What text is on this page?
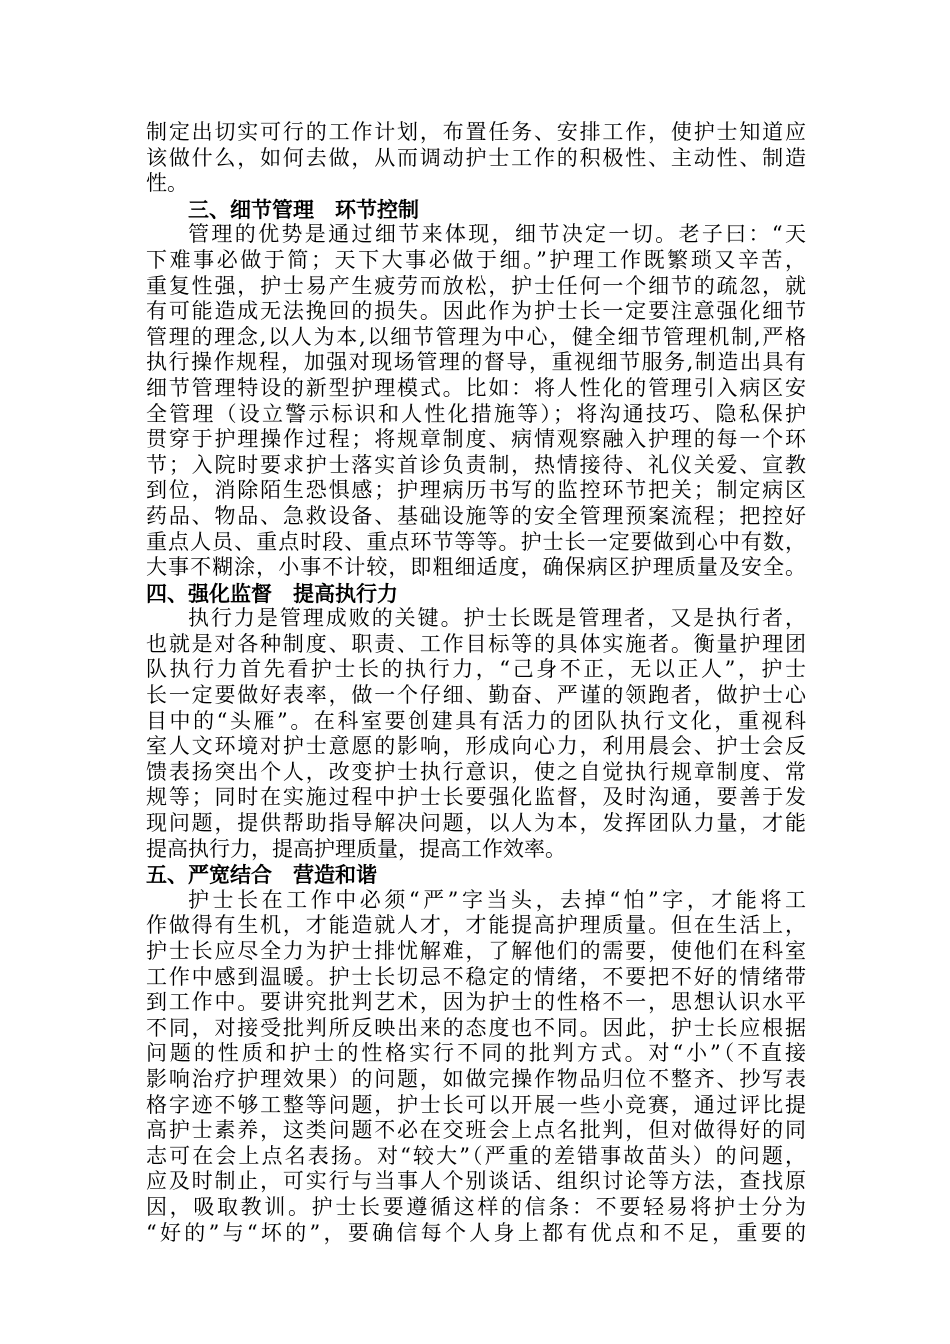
制定出切实可行的工作计划，布置任务、安排工作，使护士知道应
该做什么，如何去做，从而调动护士工作的积极性、主动性、制造
性。
三、细节管理　环节控制
管理的优势是通过细节来体现，细节决定一切。老子曰：“天
下难事必做于简；天下大事必做于细。”护理工作既繁琐又辛苦，
重复性强，护士易产生疲劳而放松，护士任何一个细节的疏忽，就
有可能造成无法挽回的损失。因此作为护士长一定要注意强化细节
管理的理念,以人为本,以细节管理为中心，健全细节管理机制,严格
执行操作规程，加强对现场管理的督导，重视细节服务,制造出具有
细节管理特设的新型护理模式。比如：将人性化的管理引入病区安
全管理（设立警示标识和人性化措施等）；将沟通技巧、隐私保护
贯穿于护理操作过程；将规章制度、病情观察融入护理的每一个环
节；入院时要求护士落实首诊负责制，热情接待、礼仪关爱、宣教
到位，消除陌生恐惧感；护理病历书写的监控环节把关；制定病区
药品、物品、急救设备、基础设施等的安全管理预案流程；把控好
重点人员、重点时段、重点环节等等。护士长一定要做到心中有数，
大事不糊涂，小事不计较，即粗细适度，确保病区护理质量及安全。
四、强化监督　提高执行力
执行力是管理成败的关键。护士长既是管理者，又是执行者，
也就是对各种制度、职责、工作目标等的具体实施者。衡量护理团
队执行力首先看护士长的执行力，“己身不正，无以正人”，护士
长一定要做好表率，做一个仔细、勤奋、严谨的领跑者，做护士心
目中的“头雁”。在科室要创建具有活力的团队执行文化，重视科
室人文环境对护士意愿的影响，形成向心力，利用晨会、护士会反
馈表扬突出个人，改变护士执行意识，使之自觉执行规章制度、常
规等；同时在实施过程中护士长要强化监督，及时沟通，要善于发
现问题，提供帮助指导解决问题，以人为本，发挥团队力量，才能
提高执行力，提高护理质量，提高工作效率。
五、严宽结合　营造和谐
护士长在工作中必须“严”字当头，去掉“怕”字，才能将工
作做得有生机，才能造就人才，才能提高护理质量。但在生活上，
护士长应尽全力为护士排忧解难，了解他们的需要，使他们在科室
工作中感到温暖。护士长切忌不稳定的情绪，不要把不好的情绪带
到工作中。要讲究批判艺术，因为护士的性格不一，思想认识水平
不同，对接受批判所反映出来的态度也不同。因此，护士长应根据
问题的性质和护士的性格实行不同的批判方式。对“小”（不直接
影响治疗护理效果）的问题，如做完操作物品归位不整齐、抄写表
格字迹不够工整等问题，护士长可以开展一些小竞赛，通过评比提
高护士素养，这类问题不必在交班会上点名批判，但对做得好的同
志可在会上点名表扬。对“较大”（严重的差错事故苗头）的问题，
应及时制止，可实行与当事人个别谈话、组织讨论等方法，查找原
因，吸取教训。护士长要遵循这样的信条：不要轻易将护士分为
“好的”与“坏的”，要确信每个人身上都有优点和不足，重要的
